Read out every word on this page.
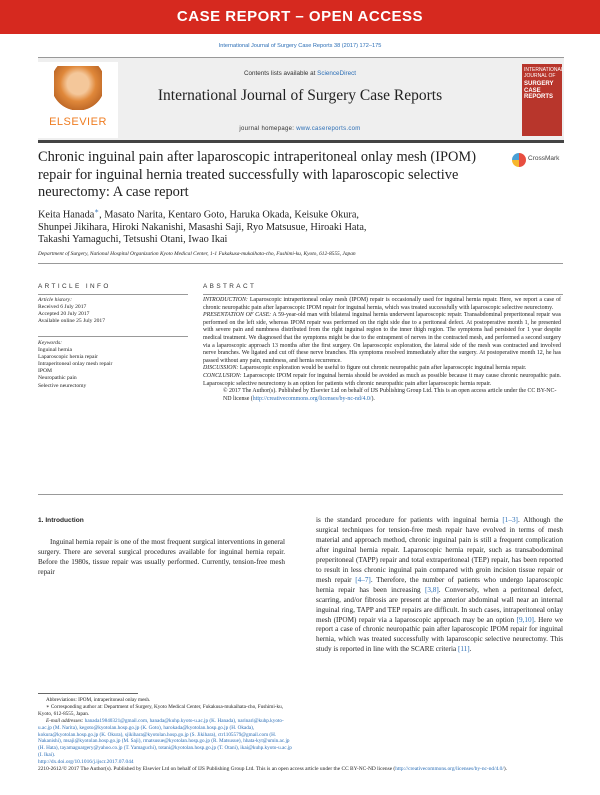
CASE REPORT – OPEN ACCESS
International Journal of Surgery Case Reports 38 (2017) 172–175
ELSEVIER
Contents lists available at ScienceDirect
International Journal of Surgery Case Reports
journal homepage: www.casereports.com
INTERNATIONAL JOURNAL OF
SURGERY CASE REPORTS
Chronic inguinal pain after laparoscopic intraperitoneal onlay mesh (IPOM) repair for inguinal hernia treated successfully with laparoscopic selective neurectomy: A case report
CrossMark
Keita Hanada∗, Masato Narita, Kentaro Goto, Haruka Okada, Keisuke Okura,
Shunpei Jikihara, Hiroki Nakanishi, Masashi Saji, Ryo Matsusue, Hiroaki Hata,
Takashi Yamaguchi, Tetsushi Otani, Iwao Ikai
Department of Surgery, National Hospital Organization Kyoto Medical Center, 1-1 Fukakusa-mukaihata-cho, Fushimi-ku, Kyoto, 612-8555, Japan
ARTICLE INFO	ABSTRACT
Article history:
Received 6 July 2017
Accepted 20 July 2017
Available online 25 July 2017
Keywords:
Inguinal hernia
Laparoscopic hernia repair
Intraperitoneal onlay mesh repair
IPOM
Neuropathic pain
Selective neurectomy
INTRODUCTION: Laparoscopic intraperitoneal onlay mesh (IPOM) repair is occasionally used for inguinal hernia repair. Here, we report a case of chronic neuropathic pain after laparoscopic IPOM repair for inguinal hernia, which was treated successfully with laparoscopic selective neurectomy.
PRESENTATION OF CASE: A 59-year-old man with bilateral inguinal hernia underwent laparoscopic repair. Transabdominal preperitoneal repair was performed on the left side, whereas IPOM repair was performed on the right side due to a peritoneal defect. At postoperative month 1, he presented with severe pain and numbness distributed from the right inguinal region to the inner thigh region. The symptoms had persisted for 1 year despite medical treatment. We diagnosed that the symptoms might be due to the entrapment of nerves in the contracted mesh, and performed a second surgery via a laparoscopic approach 13 months after the first surgery. On laparoscopic exploration, the lateral side of the mesh was contracted and involved nerve branches. We ligated and cut off these nerve branches. His symptoms resolved immediately after the surgery. At postoperative month 12, he has passed without any pain, numbness, and hernia recurrence.
DISCUSSION: Laparoscopic exploration would be useful to figure out chronic neuropathic pain after laparoscopic inguinal hernia repair.
CONCLUSION: Laparoscopic IPOM repair for inguinal hernia should be avoided as much as possible because it may cause chronic neuropathic pain. Laparoscopic selective neurectomy is an option for patients with chronic neuropathic pain after laparoscopic hernia repair.
© 2017 The Author(s). Published by Elsevier Ltd on behalf of IJS Publishing Group Ltd. This is an open access article under the CC BY-NC-ND license (http://creativecommons.org/licenses/by-nc-nd/4.0/).
1. Introduction

Inguinal hernia repair is one of the most frequent surgical interventions in general surgery. There are several surgical procedures available for inguinal hernia repair. Before the 1980s, tissue repair was usually performed. Currently, tension-free mesh repair

is the standard procedure for patients with inguinal hernia [1–3]. Although the surgical techniques for tension-free mesh repair have evolved in terms of mesh material and approach method, chronic inguinal pain is still a frequent complication after inguinal hernia repair. Laparoscopic hernia repair, such as transabodominal preperitoneal (TAPP) repair and total extraperitoneal (TEP) repair, has been reported to result in less chronic inguinal pain compared with groin incision tissue repair or mesh repair [4–7]. Therefore, the number of patients who undergo laparoscopic hernia repair has been increasing [3,8]. Conversely, when a peritoneal defect, scarring, and/or fibrosis are present at the anterior abdominal wall near an internal inguinal ring, TAPP and TEP repairs are difficult. In such cases, intraperitoneal onlay mesh (IPOM) repair via a laparoscopic approach may be an option [9,10]. Here we report a case of chronic neuropathic pain after laparoscopic IPOM repair for inguinal hernia, which was treated successfully with laparoscopic selective neurectomy. This study is reported in line with the SCARE criteria [11].
Abbreviations: IPOM, intraperitoneal onlay mesh.
∗ Corresponding author at: Department of Surgery, Kyoto Medical Center, Fukakusa-mukaihata-cho, Fushimi-ku, Kyoto, 612-8555, Japan.
E-mail addresses: hanada19840321@gmail.com, hanada@kuhp.kyoto-u.ac.jp (K. Hanada), narinari@kuhp.kyoto-u.ac.jp (M. Narita), kegoto@kyotolan.hosp.go.jp (K. Goto), harokada@kyotolan.hosp.go.jp (H. Okada), kokura@kyotolan.hosp.go.jp (K. Okura), sjikihara@kyotolan.hosp.go.jp (S. Jikihara), ctr1105579@gmail.com (H. Nakanishi), msaji@kyotolan.hosp.go.jp (M. Saji), rmatsusue@kyotolan.hosp.go.jp (R. Matsusue), hhata-kyt@umin.ac.jp (H. Hata), tayamaguargery@yahoo.co.jp (T. Yamaguchi), totani@kyotolan.hosp.go.jp (T. Otani), ikai@kuhp.kyoto-u.ac.jp (I. Ikai).
http://dx.doi.org/10.1016/j.ijscr.2017.07.044
2210-2612/© 2017 The Author(s). Published by Elsevier Ltd on behalf of IJS Publishing Group Ltd. This is an open access article under the CC BY-NC-ND license (http://creativecommons.org/licenses/by-nc-nd/4.0/).
